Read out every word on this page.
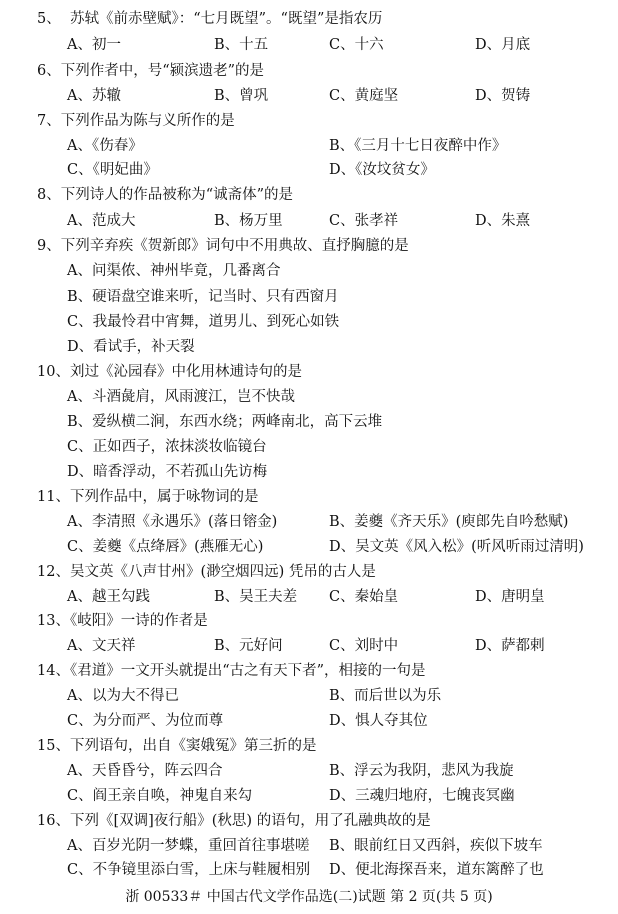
5、 苏轼《前赤壁赋》：“七月既望”。“既望”是指农历
A、初一	B、十五	C、十六	D、月底
6、下列作者中，号“颍滨遗老”的是
A、苏辙	B、曾巩	C、黄庭坚	D、贺铸
7、下列作品为陈与义所作的是
A、《伤春》	B、《三月十七日夜醉中作》
C、《明妃曲》	D、《汝坟贫女》
8、下列诗人的作品被称为“诚斋体”的是
A、范成大	B、杨万里	C、张孝祥	D、朱熹
9、下列辛弃疾《贺新郎》词句中不用典故、直抒胸臆的是
A、问渠侬、神州毕竟，几番离合
B、硬语盘空谁来听，记当时、只有西窗月
C、我最怜君中宵舞，道男儿、到死心如铁
D、看试手，补天裂
10、刘过《沁园春》中化用林逋诗句的是
A、斗酒彘肩，风雨渡江，岂不快哉
B、爱纵横二涧，东西水绕；两峰南北，高下云堆
C、正如西子，浓抹淡妆临镜台
D、暗香浮动，不若孤山先访梅
11、下列作品中，属于咏物词的是
A、李清照《永遇乐》(落日镕金)	B、姜夔《齐天乐》(庾郎先自吟愁赋)
C、姜夔《点绛唇》(燕雁无心)	D、吴文英《风入松》(听风听雨过清明)
12、吴文英《八声甘州》(渺空烟四远) 凭吊的古人是
A、越王勾践	B、吴王夫差 C、秦始皇	D、唐明皇
13、《岐阳》一诗的作者是
A、文天祥	B、元好问	C、刘时中	D、萨都剌
14、《君道》一文开头就提出“古之有天下者”，相接的一句是
A、以为大不得已	B、而后世以为乐
C、为分而严、为位而尊	D、惧人夺其位
15、下列语句，出自《窦娥冤》第三折的是
A、天昏昏兮，阵云四合	B、浮云为我阴，悲风为我旋
C、阎王亲自唤，神鬼自来勾	D、三魂归地府，七魄丧冥幽
16、下列《[双调]夜行船》(秋思) 的语句，用了孔融典故的是
A、百岁光阴一梦蝶，重回首往事堪嗟 B、眼前红日又西斜，疾似下坡车
C、不争镜里添白雪，上床与鞋履相别 D、便北海探吾来，道东篱醉了也
浙 00533＃ 中国古代文学作品选(二)试题 第 2 页(共 5 页)
